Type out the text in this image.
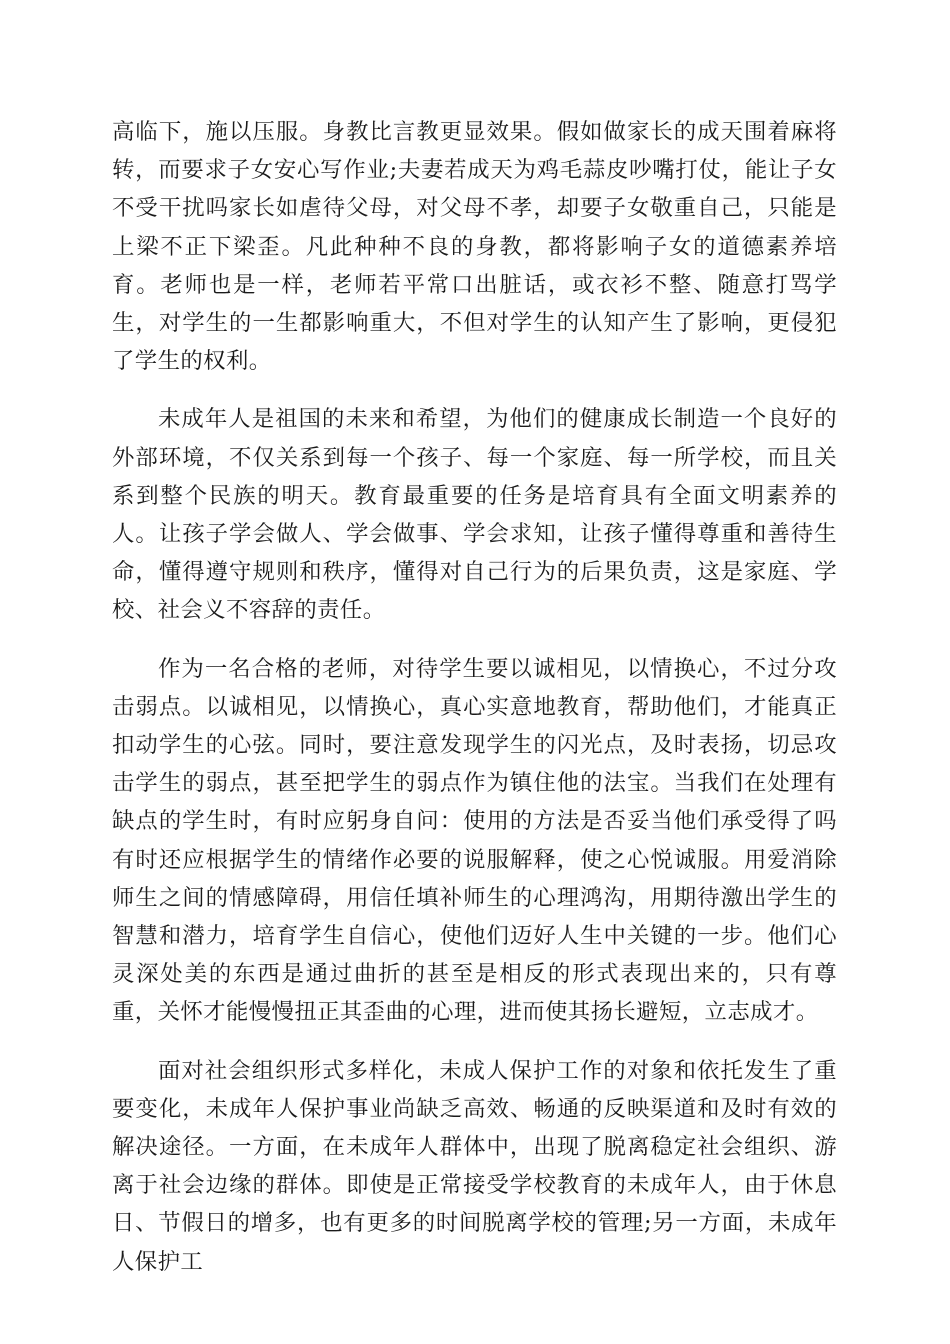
高临下，施以压服。身教比言教更显效果。假如做家长的成天围着麻将转，而要求子女安心写作业;夫妻若成天为鸡毛蒜皮吵嘴打仗，能让子女不受干扰吗家长如虐待父母，对父母不孝，却要子女敬重自己，只能是上梁不正下梁歪。凡此种种不良的身教，都将影响子女的道德素养培育。老师也是一样，老师若平常口出脏话，或衣衫不整、随意打骂学生，对学生的一生都影响重大，不但对学生的认知产生了影响，更侵犯了学生的权利。

未成年人是祖国的未来和希望，为他们的健康成长制造一个良好的外部环境，不仅关系到每一个孩子、每一个家庭、每一所学校，而且关系到整个民族的明天。教育最重要的任务是培育具有全面文明素养的人。让孩子学会做人、学会做事、学会求知，让孩子懂得尊重和善待生命，懂得遵守规则和秩序，懂得对自己行为的后果负责，这是家庭、学校、社会义不容辞的责任。

作为一名合格的老师，对待学生要以诚相见，以情换心，不过分攻击弱点。以诚相见，以情换心，真心实意地教育，帮助他们，才能真正扣动学生的心弦。同时，要注意发现学生的闪光点，及时表扬，切忌攻击学生的弱点，甚至把学生的弱点作为镇住他的法宝。当我们在处理有缺点的学生时，有时应躬身自问：使用的方法是否妥当他们承受得了吗有时还应根据学生的情绪作必要的说服解释，使之心悦诚服。用爱消除师生之间的情感障碍，用信任填补师生的心理鸿沟，用期待激出学生的智慧和潜力，培育学生自信心，使他们迈好人生中关键的一步。他们心灵深处美的东西是通过曲折的甚至是相反的形式表现出来的，只有尊重，关怀才能慢慢扭正其歪曲的心理，进而使其扬长避短，立志成才。

面对社会组织形式多样化，未成人保护工作的对象和依托发生了重要变化，未成年人保护事业尚缺乏高效、畅通的反映渠道和及时有效的解决途径。一方面，在未成年人群体中，出现了脱离稳定社会组织、游离于社会边缘的群体。即使是正常接受学校教育的未成年人，由于休息日、节假日的增多，也有更多的时间脱离学校的管理;另一方面，未成年人保护工
